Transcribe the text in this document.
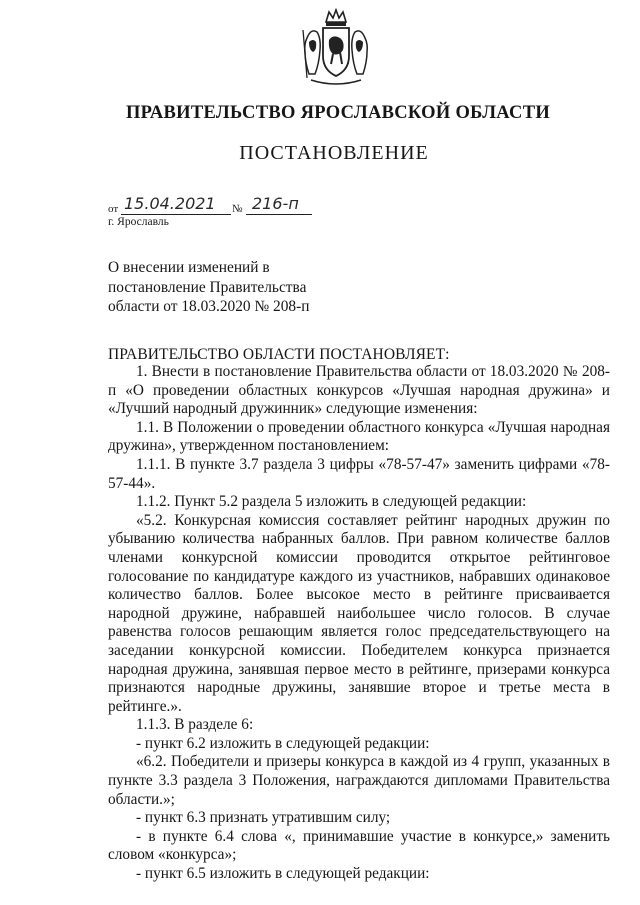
ПРАВИТЕЛЬСТВО ЯРОСЛАВСКОЙ ОБЛАСТИ
ПОСТАНОВЛЕНИЕ
от 15.04.2021 № 216-п
г. Ярославль
О внесении изменений в
постановление Правительства
области от 18.03.2020 № 208-п
ПРАВИТЕЛЬСТВО ОБЛАСТИ ПОСТАНОВЛЯЕТ:

1. Внести в постановление Правительства области от 18.03.2020 № 208-п «О проведении областных конкурсов «Лучшая народная дружина» и «Лучший народный дружинник» следующие изменения:

1.1. В Положении о проведении областного конкурса «Лучшая народная дружина», утвержденном постановлением:

1.1.1. В пункте 3.7 раздела 3 цифры «78-57-47» заменить цифрами «78-57-44».

1.1.2. Пункт 5.2 раздела 5 изложить в следующей редакции:

«5.2. Конкурсная комиссия составляет рейтинг народных дружин по убыванию количества набранных баллов. При равном количестве баллов членами конкурсной комиссии проводится открытое рейтинговое голосование по кандидатуре каждого из участников, набравших одинаковое количество баллов. Более высокое место в рейтинге присваивается народной дружине, набравшей наибольшее число голосов. В случае равенства голосов решающим является голос председательствующего на заседании конкурсной комиссии. Победителем конкурса признается народная дружина, занявшая первое место в рейтинге, призерами конкурса признаются народные дружины, занявшие второе и третье места в рейтинге.».

1.1.3. В разделе 6:

- пункт 6.2 изложить в следующей редакции:

«6.2. Победители и призеры конкурса в каждой из 4 групп, указанных в пункте 3.3 раздела 3 Положения, награждаются дипломами Правительства области.»;

- пункт 6.3 признать утратившим силу;

- в пункте 6.4 слова «, принимавшие участие в конкурсе,» заменить словом «конкурса»;

- пункт 6.5 изложить в следующей редакции:
